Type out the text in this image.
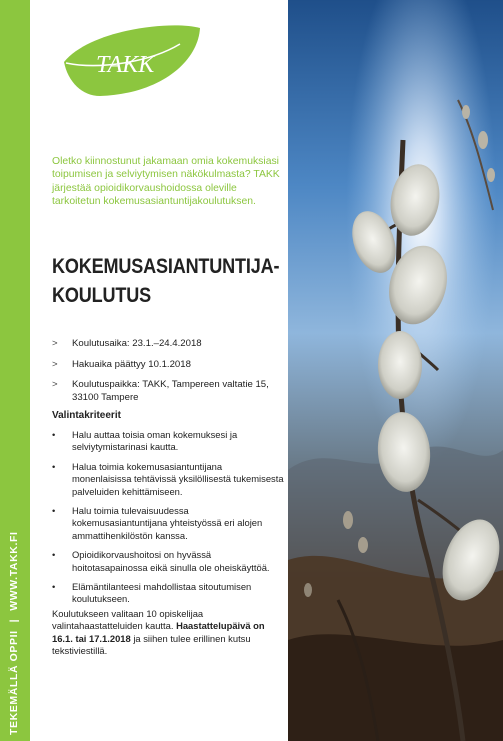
TEKEMÄLLÄ OPPII|WWW.TAKK.FI
TAKK
Oletko kiinnostunut jakamaan omia kokemuksiasi toipumisen ja selviytymisen näkökulmasta? TAKK järjestää opioidikorvaushoidossa oleville tarkoitetun kokemusasiantuntijakoulutuksen.
KOKEMUSASIANTUNTIJA-
KOULUTUS
>	Koulutusaika: 23.1.–24.4.2018
>	Hakuaika päättyy 10.1.2018
>	Koulutuspaikka: TAKK, Tampereen valtatie 15, 33100 Tampere
Valintakriteerit
•	Halu auttaa toisia oman kokemuksesi ja selviytymistarinasi kautta.
•	Halua toimia kokemusasiantuntijana monenlaisissa tehtävissä yksilöllisestä tukemisesta palveluiden kehittämiseen.
•	Halu toimia tulevaisuudessa kokemusasiantuntijana yhteistyössä eri alojen ammattihenkilöstön kanssa.
•	Opioidikorvaushoitosi on hyvässä hoitotasapainossa eikä sinulla ole oheiskäyttöä.
•	Elämäntilanteesi mahdollistaa sitoutumisen koulutukseen.
Koulutukseen valitaan 10 opiskelijaa valintahaastatteluiden kautta. Haastattelupäivä on 16.1. tai 17.1.2018 ja siihen tulee erillinen kutsu tekstiviestillä.
